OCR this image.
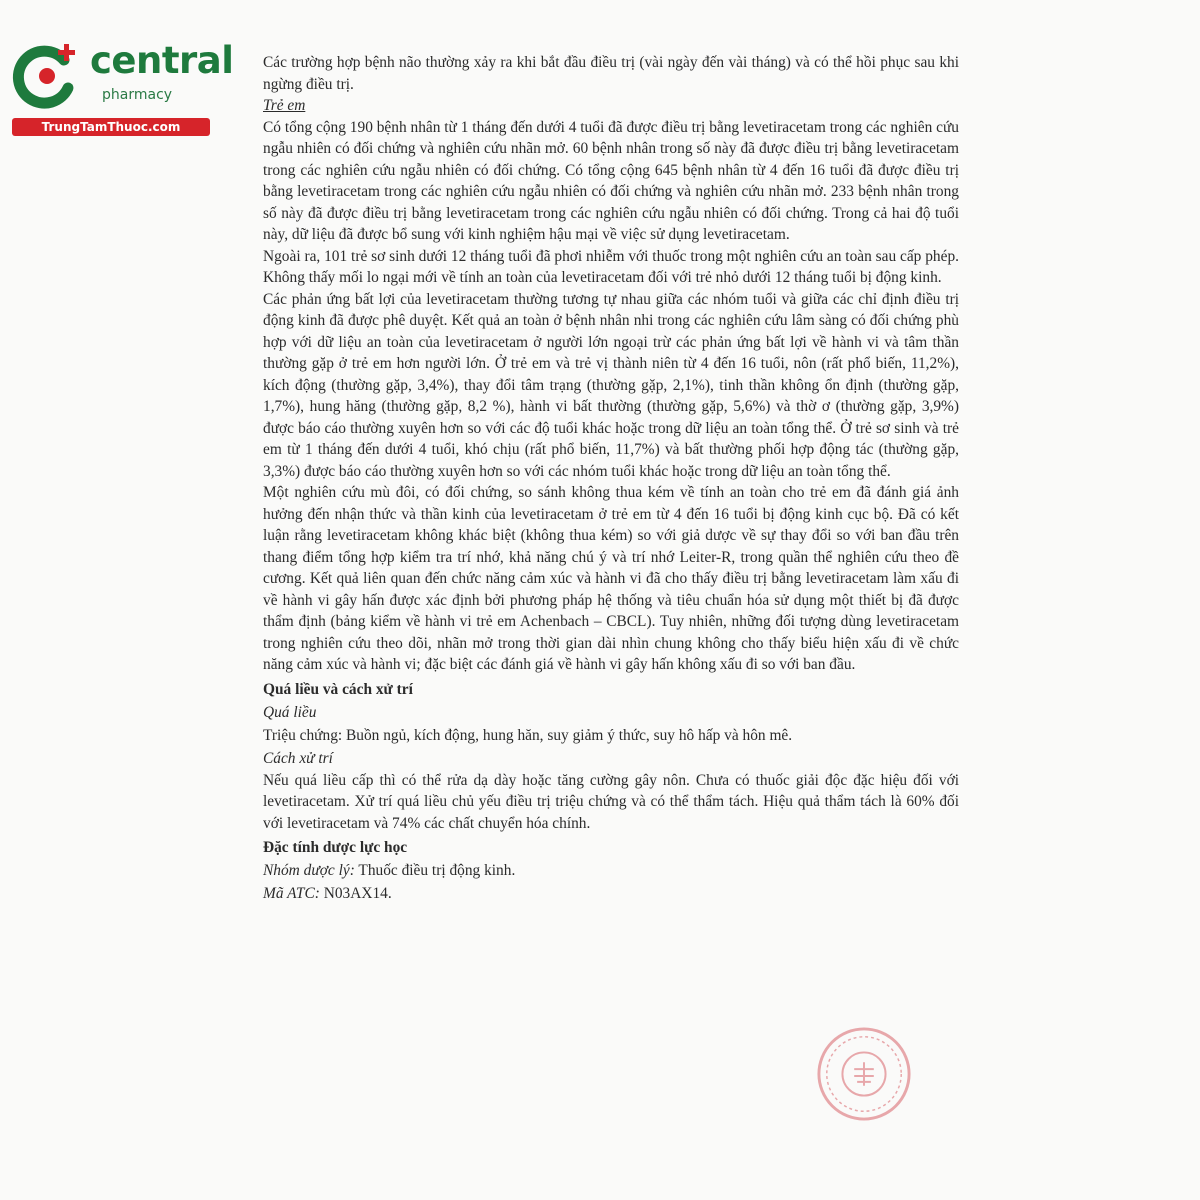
central
pharmacy
TrungTamThuoc.com

Các trường hợp bệnh não thường xảy ra khi bắt đầu điều trị (vài ngày đến vài tháng) và có thể hồi phục sau khi ngừng điều trị.

Trẻ em

Có tổng cộng 190 bệnh nhân từ 1 tháng đến dưới 4 tuổi đã được điều trị bằng levetiracetam trong các nghiên cứu ngẫu nhiên có đối chứng và nghiên cứu nhãn mở. 60 bệnh nhân trong số này đã được điều trị bằng levetiracetam trong các nghiên cứu ngẫu nhiên có đối chứng. Có tổng cộng 645 bệnh nhân từ 4 đến 16 tuổi đã được điều trị bằng levetiracetam trong các nghiên cứu ngẫu nhiên có đối chứng và nghiên cứu nhãn mở. 233 bệnh nhân trong số này đã được điều trị bằng levetiracetam trong các nghiên cứu ngẫu nhiên có đối chứng. Trong cả hai độ tuổi này, dữ liệu đã được bổ sung với kinh nghiệm hậu mại về việc sử dụng levetiracetam.

Ngoài ra, 101 trẻ sơ sinh dưới 12 tháng tuổi đã phơi nhiễm với thuốc trong một nghiên cứu an toàn sau cấp phép. Không thấy mối lo ngại mới về tính an toàn của levetiracetam đối với trẻ nhỏ dưới 12 tháng tuổi bị động kinh.

Các phản ứng bất lợi của levetiracetam thường tương tự nhau giữa các nhóm tuổi và giữa các chỉ định điều trị động kinh đã được phê duyệt. Kết quả an toàn ở bệnh nhân nhi trong các nghiên cứu lâm sàng có đối chứng phù hợp với dữ liệu an toàn của levetiracetam ở người lớn ngoại trừ các phản ứng bất lợi về hành vi và tâm thần thường gặp ở trẻ em hơn người lớn. Ở trẻ em và trẻ vị thành niên từ 4 đến 16 tuổi, nôn (rất phổ biến, 11,2%), kích động (thường gặp, 3,4%), thay đổi tâm trạng (thường gặp, 2,1%), tinh thần không ổn định (thường gặp, 1,7%), hung hăng (thường gặp, 8,2 %), hành vi bất thường (thường gặp, 5,6%) và thờ ơ (thường gặp, 3,9%) được báo cáo thường xuyên hơn so với các độ tuổi khác hoặc trong dữ liệu an toàn tổng thể. Ở trẻ sơ sinh và trẻ em từ 1 tháng đến dưới 4 tuổi, khó chịu (rất phổ biến, 11,7%) và bất thường phối hợp động tác (thường gặp, 3,3%) được báo cáo thường xuyên hơn so với các nhóm tuổi khác hoặc trong dữ liệu an toàn tổng thể.

Một nghiên cứu mù đôi, có đối chứng, so sánh không thua kém về tính an toàn cho trẻ em đã đánh giá ảnh hưởng đến nhận thức và thần kinh của levetiracetam ở trẻ em từ 4 đến 16 tuổi bị động kinh cục bộ. Đã có kết luận rằng levetiracetam không khác biệt (không thua kém) so với giả dược về sự thay đổi so với ban đầu trên thang điểm tổng hợp kiểm tra trí nhớ, khả năng chú ý và trí nhớ Leiter-R, trong quần thể nghiên cứu theo đề cương. Kết quả liên quan đến chức năng cảm xúc và hành vi đã cho thấy điều trị bằng levetiracetam làm xấu đi về hành vi gây hấn được xác định bởi phương pháp hệ thống và tiêu chuẩn hóa sử dụng một thiết bị đã được thẩm định (bảng kiểm về hành vi trẻ em Achenbach – CBCL). Tuy nhiên, những đối tượng dùng levetiracetam trong nghiên cứu theo dõi, nhãn mở trong thời gian dài nhìn chung không cho thấy biểu hiện xấu đi về chức năng cảm xúc và hành vi; đặc biệt các đánh giá về hành vi gây hấn không xấu đi so với ban đầu.

Quá liều và cách xử trí

Quá liều

Triệu chứng: Buồn ngủ, kích động, hung hăn, suy giảm ý thức, suy hô hấp và hôn mê.

Cách xử trí

Nếu quá liều cấp thì có thể rửa dạ dày hoặc tăng cường gây nôn. Chưa có thuốc giải độc đặc hiệu đối với levetiracetam. Xử trí quá liều chủ yếu điều trị triệu chứng và có thể thẩm tách. Hiệu quả thẩm tách là 60% đối với levetiracetam và 74% các chất chuyển hóa chính.

Đặc tính dược lực học

Nhóm dược lý: Thuốc điều trị động kinh.

Mã ATC: N03AX14.
